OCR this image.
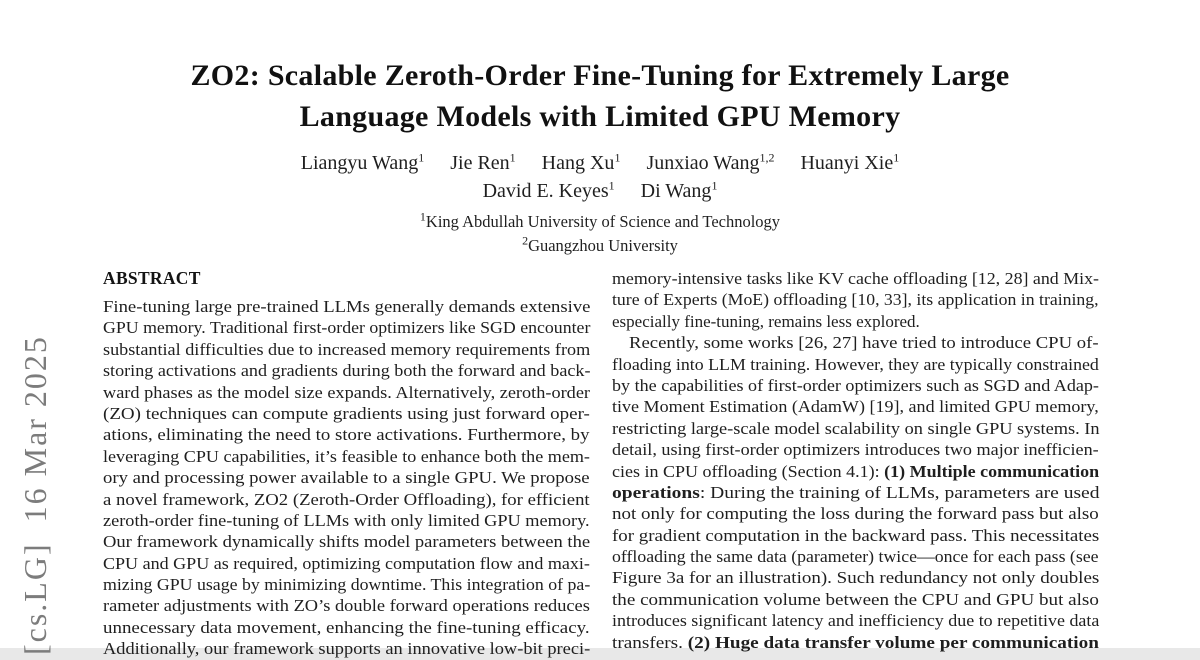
[cs.LG]  16 Mar 2025
ZO2: Scalable Zeroth-Order Fine-Tuning for Extremely Large
Language Models with Limited GPU Memory
Liangyu Wang$^1$ Jie Ren$^1$ Hang Xu$^1$ Junxiao Wang$^{1,2}$ Huanyi Xie$^1$
David E. Keyes$^1$ Di Wang$^1$
$^1$King Abdullah University of Science and Technology
$^2$Guangzhou University
ABSTRACT
Fine-tuning large pre-trained LLMs generally demands extensive
GPU memory. Traditional first-order optimizers like SGD encounter
substantial difficulties due to increased memory requirements from
storing activations and gradients during both the forward and back-
ward phases as the model size expands. Alternatively, zeroth-order
(ZO) techniques can compute gradients using just forward oper-
ations, eliminating the need to store activations. Furthermore, by
leveraging CPU capabilities, it’s feasible to enhance both the mem-
ory and processing power available to a single GPU. We propose
a novel framework, ZO2 (Zeroth-Order Offloading), for efficient
zeroth-order fine-tuning of LLMs with only limited GPU memory.
Our framework dynamically shifts model parameters between the
CPU and GPU as required, optimizing computation flow and maxi-
mizing GPU usage by minimizing downtime. This integration of pa-
rameter adjustments with ZO’s double forward operations reduces
unnecessary data movement, enhancing the fine-tuning efficacy.
Additionally, our framework supports an innovative low-bit preci-
memory-intensive tasks like KV cache offloading [12, 28] and Mix-
ture of Experts (MoE) offloading [10, 33], its application in training,
especially fine-tuning, remains less explored.
Recently, some works [26, 27] have tried to introduce CPU of-
floading into LLM training. However, they are typically constrained
by the capabilities of first-order optimizers such as SGD and Adap-
tive Moment Estimation (AdamW) [19], and limited GPU memory,
restricting large-scale model scalability on single GPU systems. In
detail, using first-order optimizers introduces two major inefficien-
cies in CPU offloading (Section 4.1): (1) Multiple communication
operations: During the training of LLMs, parameters are used
not only for computing the loss during the forward pass but also
for gradient computation in the backward pass. This necessitates
offloading the same data (parameter) twice—once for each pass (see
Figure 3a for an illustration). Such redundancy not only doubles
the communication volume between the CPU and GPU but also
introduces significant latency and inefficiency due to repetitive data
transfers. (2) Huge data transfer volume per communication
